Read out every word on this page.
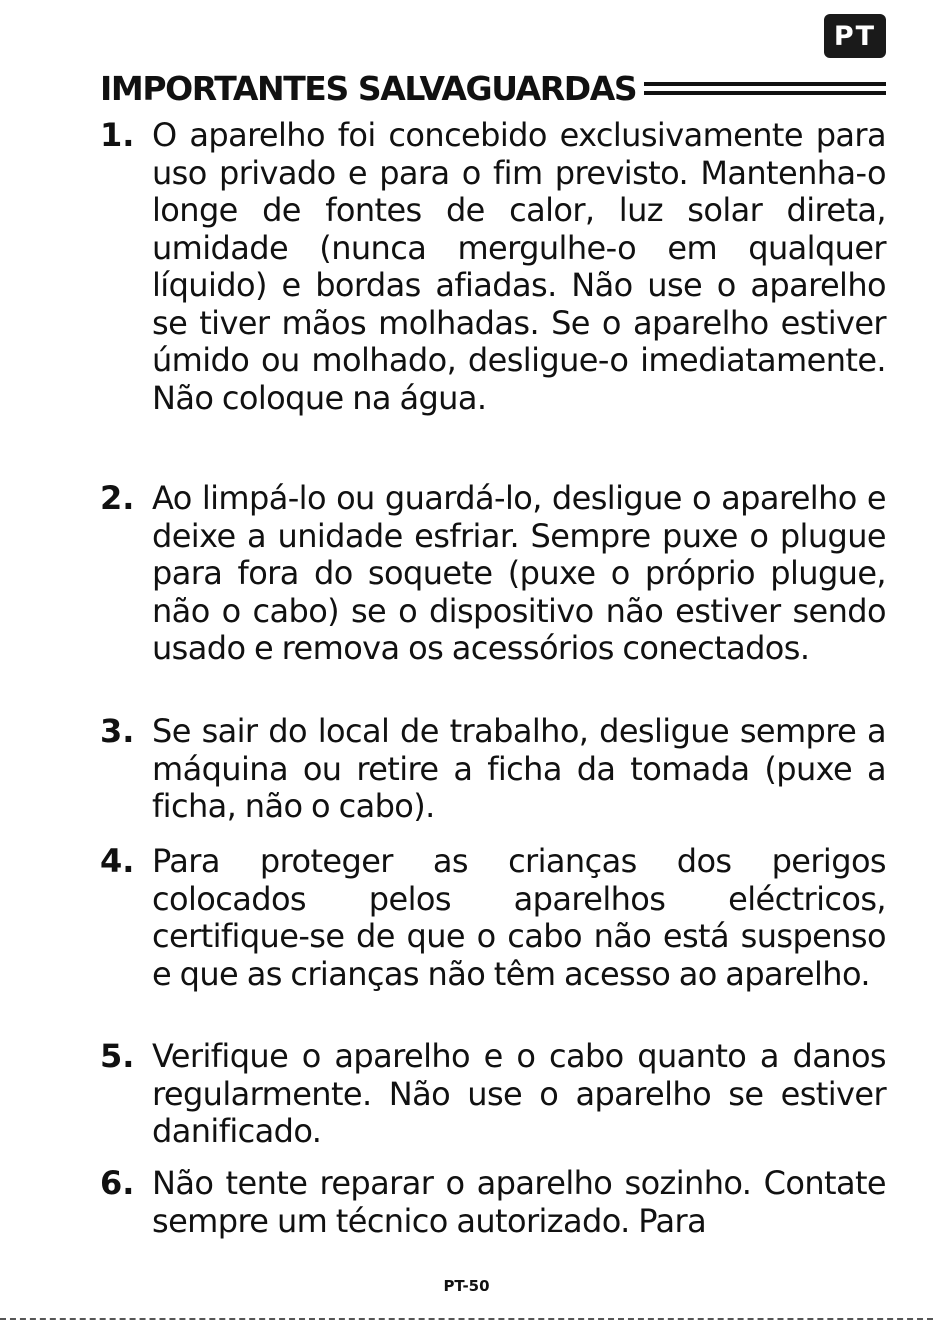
PT
IMPORTANTES SALVAGUARDAS
1. O aparelho foi concebido exclusivamente para uso privado e para o fim previsto. Mantenha-o longe de fontes de calor, luz solar direta, umidade (nunca mergulhe-o em qualquer líquido) e bordas afiadas. Não use o aparelho se tiver mãos molhadas. Se o aparelho estiver úmido ou molhado, desligue-o imediatamente. Não coloque na água.
2. Ao limpá-lo ou guardá-lo, desligue o aparelho e deixe a unidade esfriar. Sempre puxe o plugue para fora do soquete (puxe o próprio plugue, não o cabo) se o dispositivo não estiver sendo usado e remova os acessórios conectados.
3. Se sair do local de trabalho, desligue sempre a máquina ou retire a ficha da tomada (puxe a ficha, não o cabo).
4. Para proteger as crianças dos perigos colocados pelos aparelhos eléctricos, certifique-se de que o cabo não está suspenso e que as crianças não têm acesso ao aparelho.
5. Verifique o aparelho e o cabo quanto a danos regularmente. Não use o aparelho se estiver danificado.
6. Não tente reparar o aparelho sozinho. Contate sempre um técnico autorizado. Para
PT-50
